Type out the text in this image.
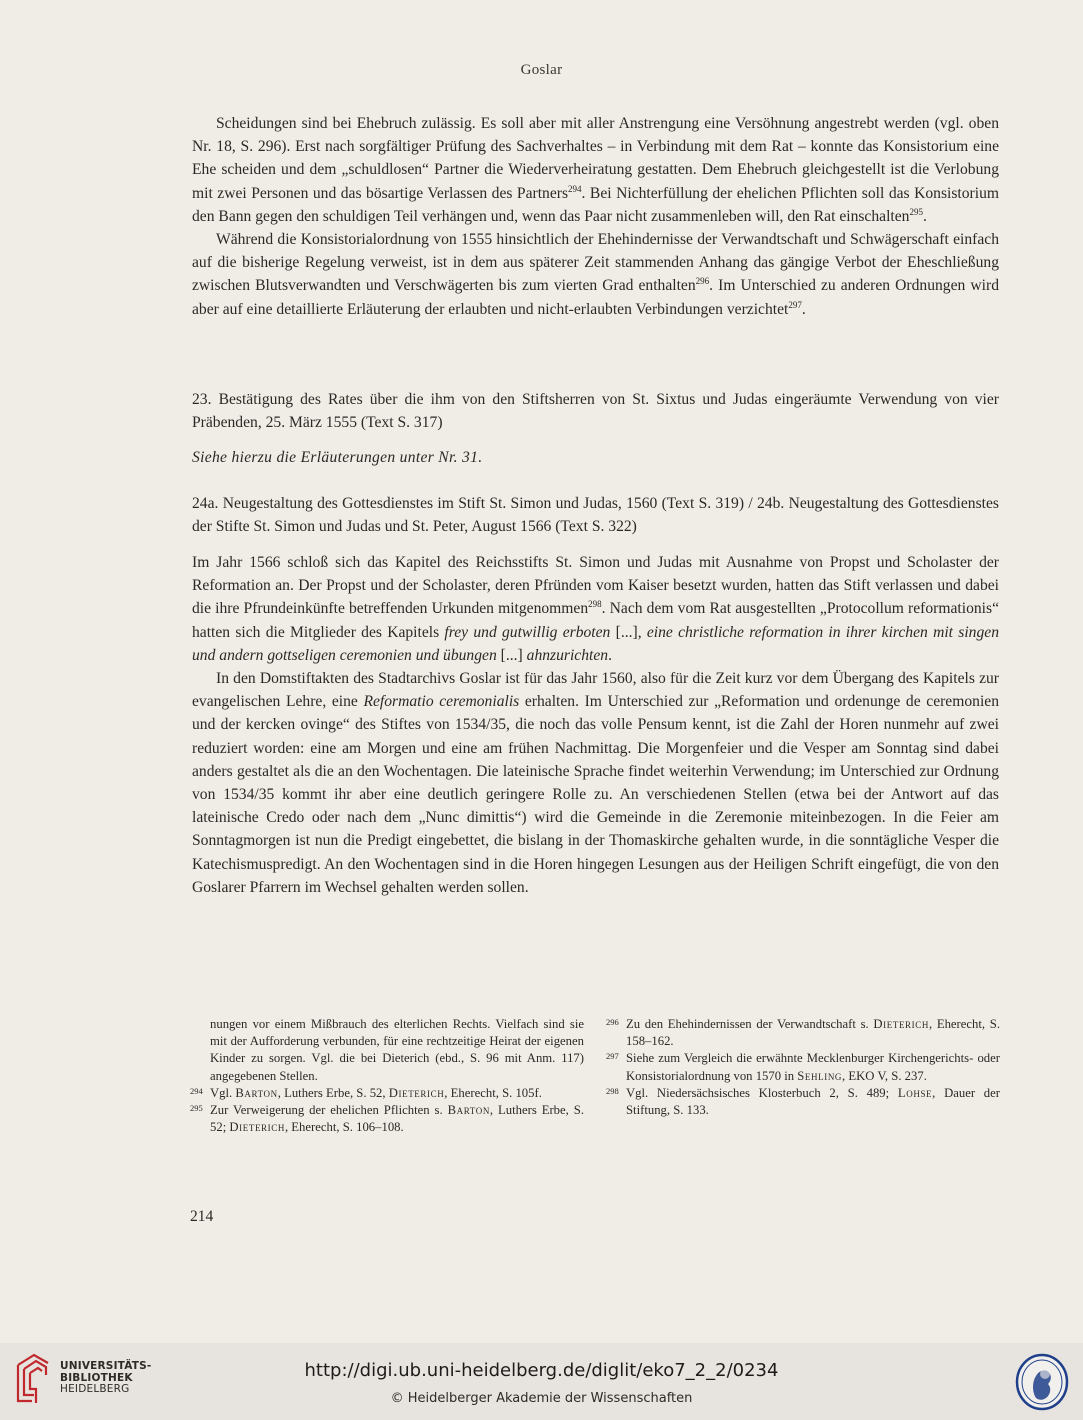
Goslar

Scheidungen sind bei Ehebruch zulässig. Es soll aber mit aller Anstrengung eine Versöhnung angestrebt werden (vgl. oben Nr. 18, S. 296). Erst nach sorgfältiger Prüfung des Sachverhaltes – in Verbindung mit dem Rat – konnte das Konsistorium eine Ehe scheiden und dem „schuldlosen“ Partner die Wiederverheiratung gestatten. Dem Ehebruch gleichgestellt ist die Verlobung mit zwei Personen und das bösartige Verlassen des Partners$^{294}$. Bei Nichterfüllung der ehelichen Pflichten soll das Konsistorium den Bann gegen den schuldigen Teil verhängen und, wenn das Paar nicht zusammenleben will, den Rat einschalten$^{295}$.

Während die Konsistorialordnung von 1555 hinsichtlich der Ehehindernisse der Verwandtschaft und Schwägerschaft einfach auf die bisherige Regelung verweist, ist in dem aus späterer Zeit stammenden Anhang das gängige Verbot der Eheschließung zwischen Blutsverwandten und Verschwägerten bis zum vierten Grad enthalten$^{296}$. Im Unterschied zu anderen Ordnungen wird aber auf eine detaillierte Erläuterung der erlaubten und nicht-erlaubten Verbindungen verzichtet$^{297}$.

23. Bestätigung des Rates über die ihm von den Stiftsherren von St. Sixtus und Judas eingeräumte Verwendung von vier Präbenden, 25. März 1555 (Text S. 317)
Siehe hierzu die Erläuterungen unter Nr. 31.
24a. Neugestaltung des Gottesdienstes im Stift St. Simon und Judas, 1560 (Text S. 319) / 24b. Neugestaltung des Gottesdienstes der Stifte St. Simon und Judas und St. Peter, August 1566 (Text S. 322)

Im Jahr 1566 schloß sich das Kapitel des Reichsstifts St. Simon und Judas mit Ausnahme von Propst und Scholaster der Reformation an. Der Propst und der Scholaster, deren Pfründen vom Kaiser besetzt wurden, hatten das Stift verlassen und dabei die ihre Pfrundeinkünfte betreffenden Urkunden mitgenommen$^{298}$. Nach dem vom Rat ausgestellten „Protocollum reformationis“ hatten sich die Mitglieder des Kapitels frey und gutwillig erboten [...], eine christliche reformation in ihrer kirchen mit singen und andern gottseligen ceremonien und übungen [...] ahnzurichten.

In den Domstiftakten des Stadtarchivs Goslar ist für das Jahr 1560, also für die Zeit kurz vor dem Übergang des Kapitels zur evangelischen Lehre, eine Reformatio ceremonialis erhalten. Im Unterschied zur „Reformation und ordenunge de ceremonien und der kercken ovinge“ des Stiftes von 1534/35, die noch das volle Pensum kennt, ist die Zahl der Horen nunmehr auf zwei reduziert worden: eine am Morgen und eine am frühen Nachmittag. Die Morgenfeier und die Vesper am Sonntag sind dabei anders gestaltet als die an den Wochentagen. Die lateinische Sprache findet weiterhin Verwendung; im Unterschied zur Ordnung von 1534/35 kommt ihr aber eine deutlich geringere Rolle zu. An verschiedenen Stellen (etwa bei der Antwort auf das lateinische Credo oder nach dem „Nunc dimittis“) wird die Gemeinde in die Zeremonie miteinbezogen. In die Feier am Sonntagmorgen ist nun die Predigt eingebettet, die bislang in der Thomaskirche gehalten wurde, in die sonntägliche Vesper die Katechismuspredigt. An den Wochentagen sind in die Horen hingegen Lesungen aus der Heiligen Schrift eingefügt, die von den Goslarer Pfarrern im Wechsel gehalten werden sollen.

nungen vor einem Mißbrauch des elterlichen Rechts. Vielfach sind sie mit der Aufforderung verbunden, für eine rechtzeitige Heirat der eigenen Kinder zu sorgen. Vgl. die bei Dieterich (ebd., S. 96 mit Anm. 117) angegebenen Stellen.

294 Vgl. Barton, Luthers Erbe, S. 52, Dieterich, Eherecht, S. 105f.

295 Zur Verweigerung der ehelichen Pflichten s. Barton, Luthers Erbe, S. 52; Dieterich, Eherecht, S. 106–108.

296 Zu den Ehehindernissen der Verwandtschaft s. Dieterich, Eherecht, S. 158–162.

297 Siehe zum Vergleich die erwähnte Mecklenburger Kirchengerichts- oder Konsistorialordnung von 1570 in Sehling, EKO V, S. 237.

298 Vgl. Niedersächsisches Klosterbuch 2, S. 489; Lohse, Dauer der Stiftung, S. 133.

214
UNIVERSITÄTS-
BIBLIOTHEK
HEIDELBERG
http://digi.ub.uni-heidelberg.de/diglit/eko7_2_2/0234
© Heidelberger Akademie der Wissenschaften
